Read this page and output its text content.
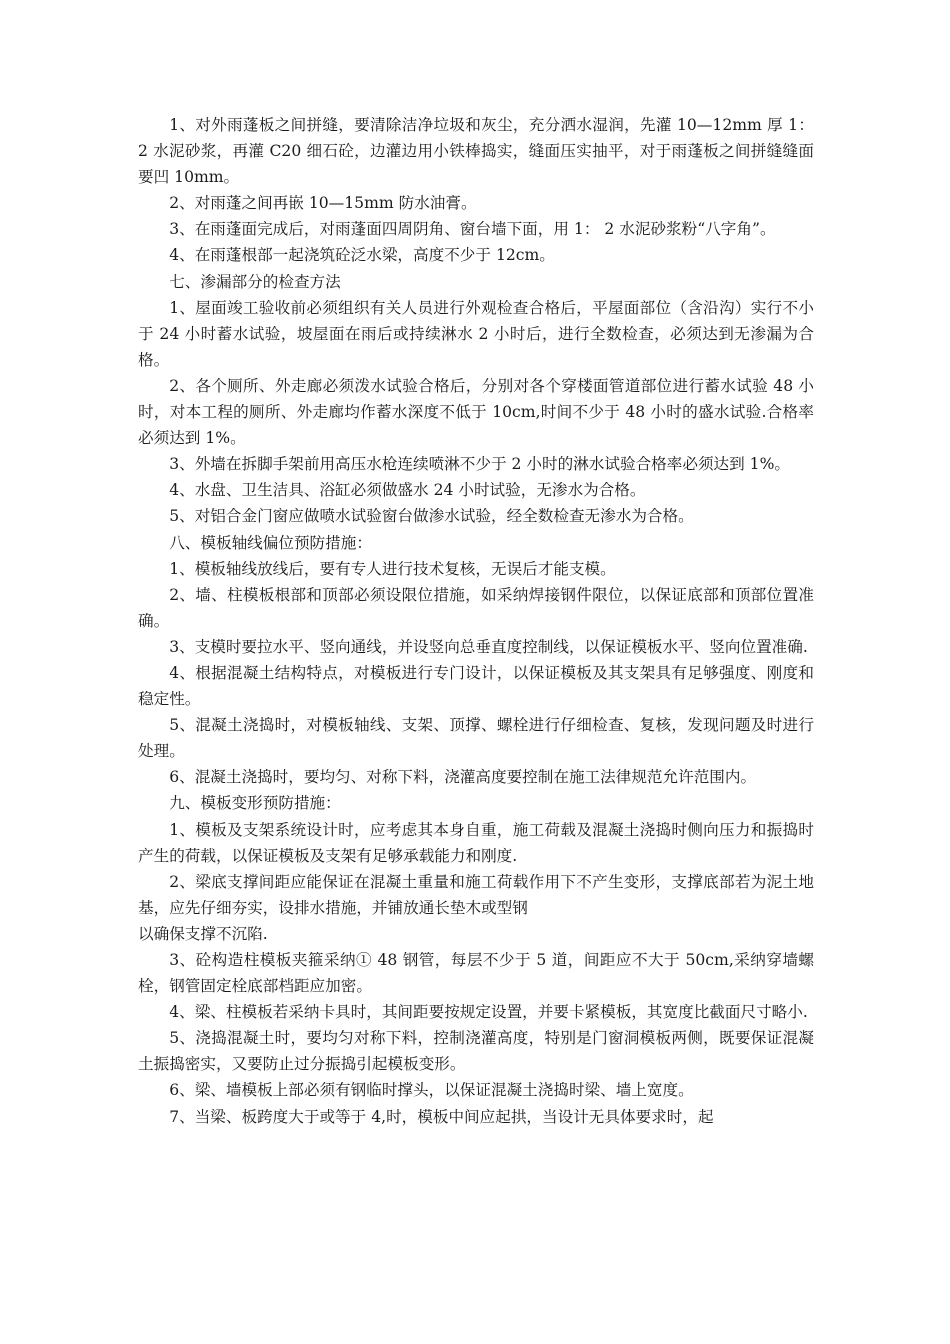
1、对外雨蓬板之间拼缝，要清除洁净垃圾和灰尘，充分洒水湿润，先灌 10—12mm 厚 1： 2 水泥砂浆，再灌 C20 细石砼，边灌边用小铁棒捣实，缝面压实抽平，对于雨蓬板之间拼缝缝面要凹 10mm。

2、对雨蓬之间再嵌 10—15mm 防水油膏。

3、在雨蓬面完成后，对雨蓬面四周阴角、窗台墙下面，用 1： 2 水泥砂浆粉“八字角”。

4、在雨蓬根部一起浇筑砼泛水梁，高度不少于 12cm。

七、渗漏部分的检查方法

1、屋面竣工验收前必须组织有关人员进行外观检查合格后，平屋面部位（含沿沟）实行不小于 24 小时蓄水试验，坡屋面在雨后或持续淋水 2 小时后，进行全数检查，必须达到无渗漏为合格。

2、各个厕所、外走廊必须泼水试验合格后，分别对各个穿楼面管道部位进行蓄水试验 48 小时，对本工程的厕所、外走廊均作蓄水深度不低于 10cm,时间不少于 48 小时的盛水试验.合格率必须达到 1%。

3、外墙在拆脚手架前用高压水枪连续喷淋不少于 2 小时的淋水试验合格率必须达到 1%。

4、水盘、卫生洁具、浴缸必须做盛水 24 小时试验，无渗水为合格。

5、对铝合金门窗应做喷水试验窗台做渗水试验，经全数检查无渗水为合格。

八、模板轴线偏位预防措施：

1、模板轴线放线后，要有专人进行技术复核，无误后才能支模。

2、墙、柱模板根部和顶部必须设限位措施，如采纳焊接钢件限位，以保证底部和顶部位置准确。

3、支模时要拉水平、竖向通线，并设竖向总垂直度控制线，以保证模板水平、竖向位置准确.

4、根据混凝土结构特点，对模板进行专门设计，以保证模板及其支架具有足够强度、刚度和稳定性。

5、混凝土浇捣时，对模板轴线、支架、顶撑、螺栓进行仔细检查、复核，发现问题及时进行处理。

6、混凝土浇捣时，要均匀、对称下料，浇灌高度要控制在施工法律规范允许范围内。

九、模板变形预防措施：

1、模板及支架系统设计时，应考虑其本身自重，施工荷载及混凝土浇捣时侧向压力和振捣时产生的荷载，以保证模板及支架有足够承载能力和刚度.

2、梁底支撑间距应能保证在混凝土重量和施工荷载作用下不产生变形，支撑底部若为泥土地基，应先仔细夯实，设排水措施，并铺放通长垫木或型钢

以确保支撑不沉陷.

3、砼构造柱模板夹箍采纳① 48 钢管，每层不少于 5 道，间距应不大于 50cm,采纳穿墙螺栓，钢管固定栓底部档距应加密。

4、梁、柱模板若采纳卡具时，其间距要按规定设置，并要卡紧模板，其宽度比截面尺寸略小.

5、浇捣混凝土时，要均匀对称下料，控制浇灌高度，特别是门窗洞模板两侧，既要保证混凝土振捣密实，又要防止过分振捣引起模板变形。

6、梁、墙模板上部必须有钢临时撑头，以保证混凝土浇捣时梁、墙上宽度。

7、当梁、板跨度大于或等于 4,时，模板中间应起拱，当设计无具体要求时，起
